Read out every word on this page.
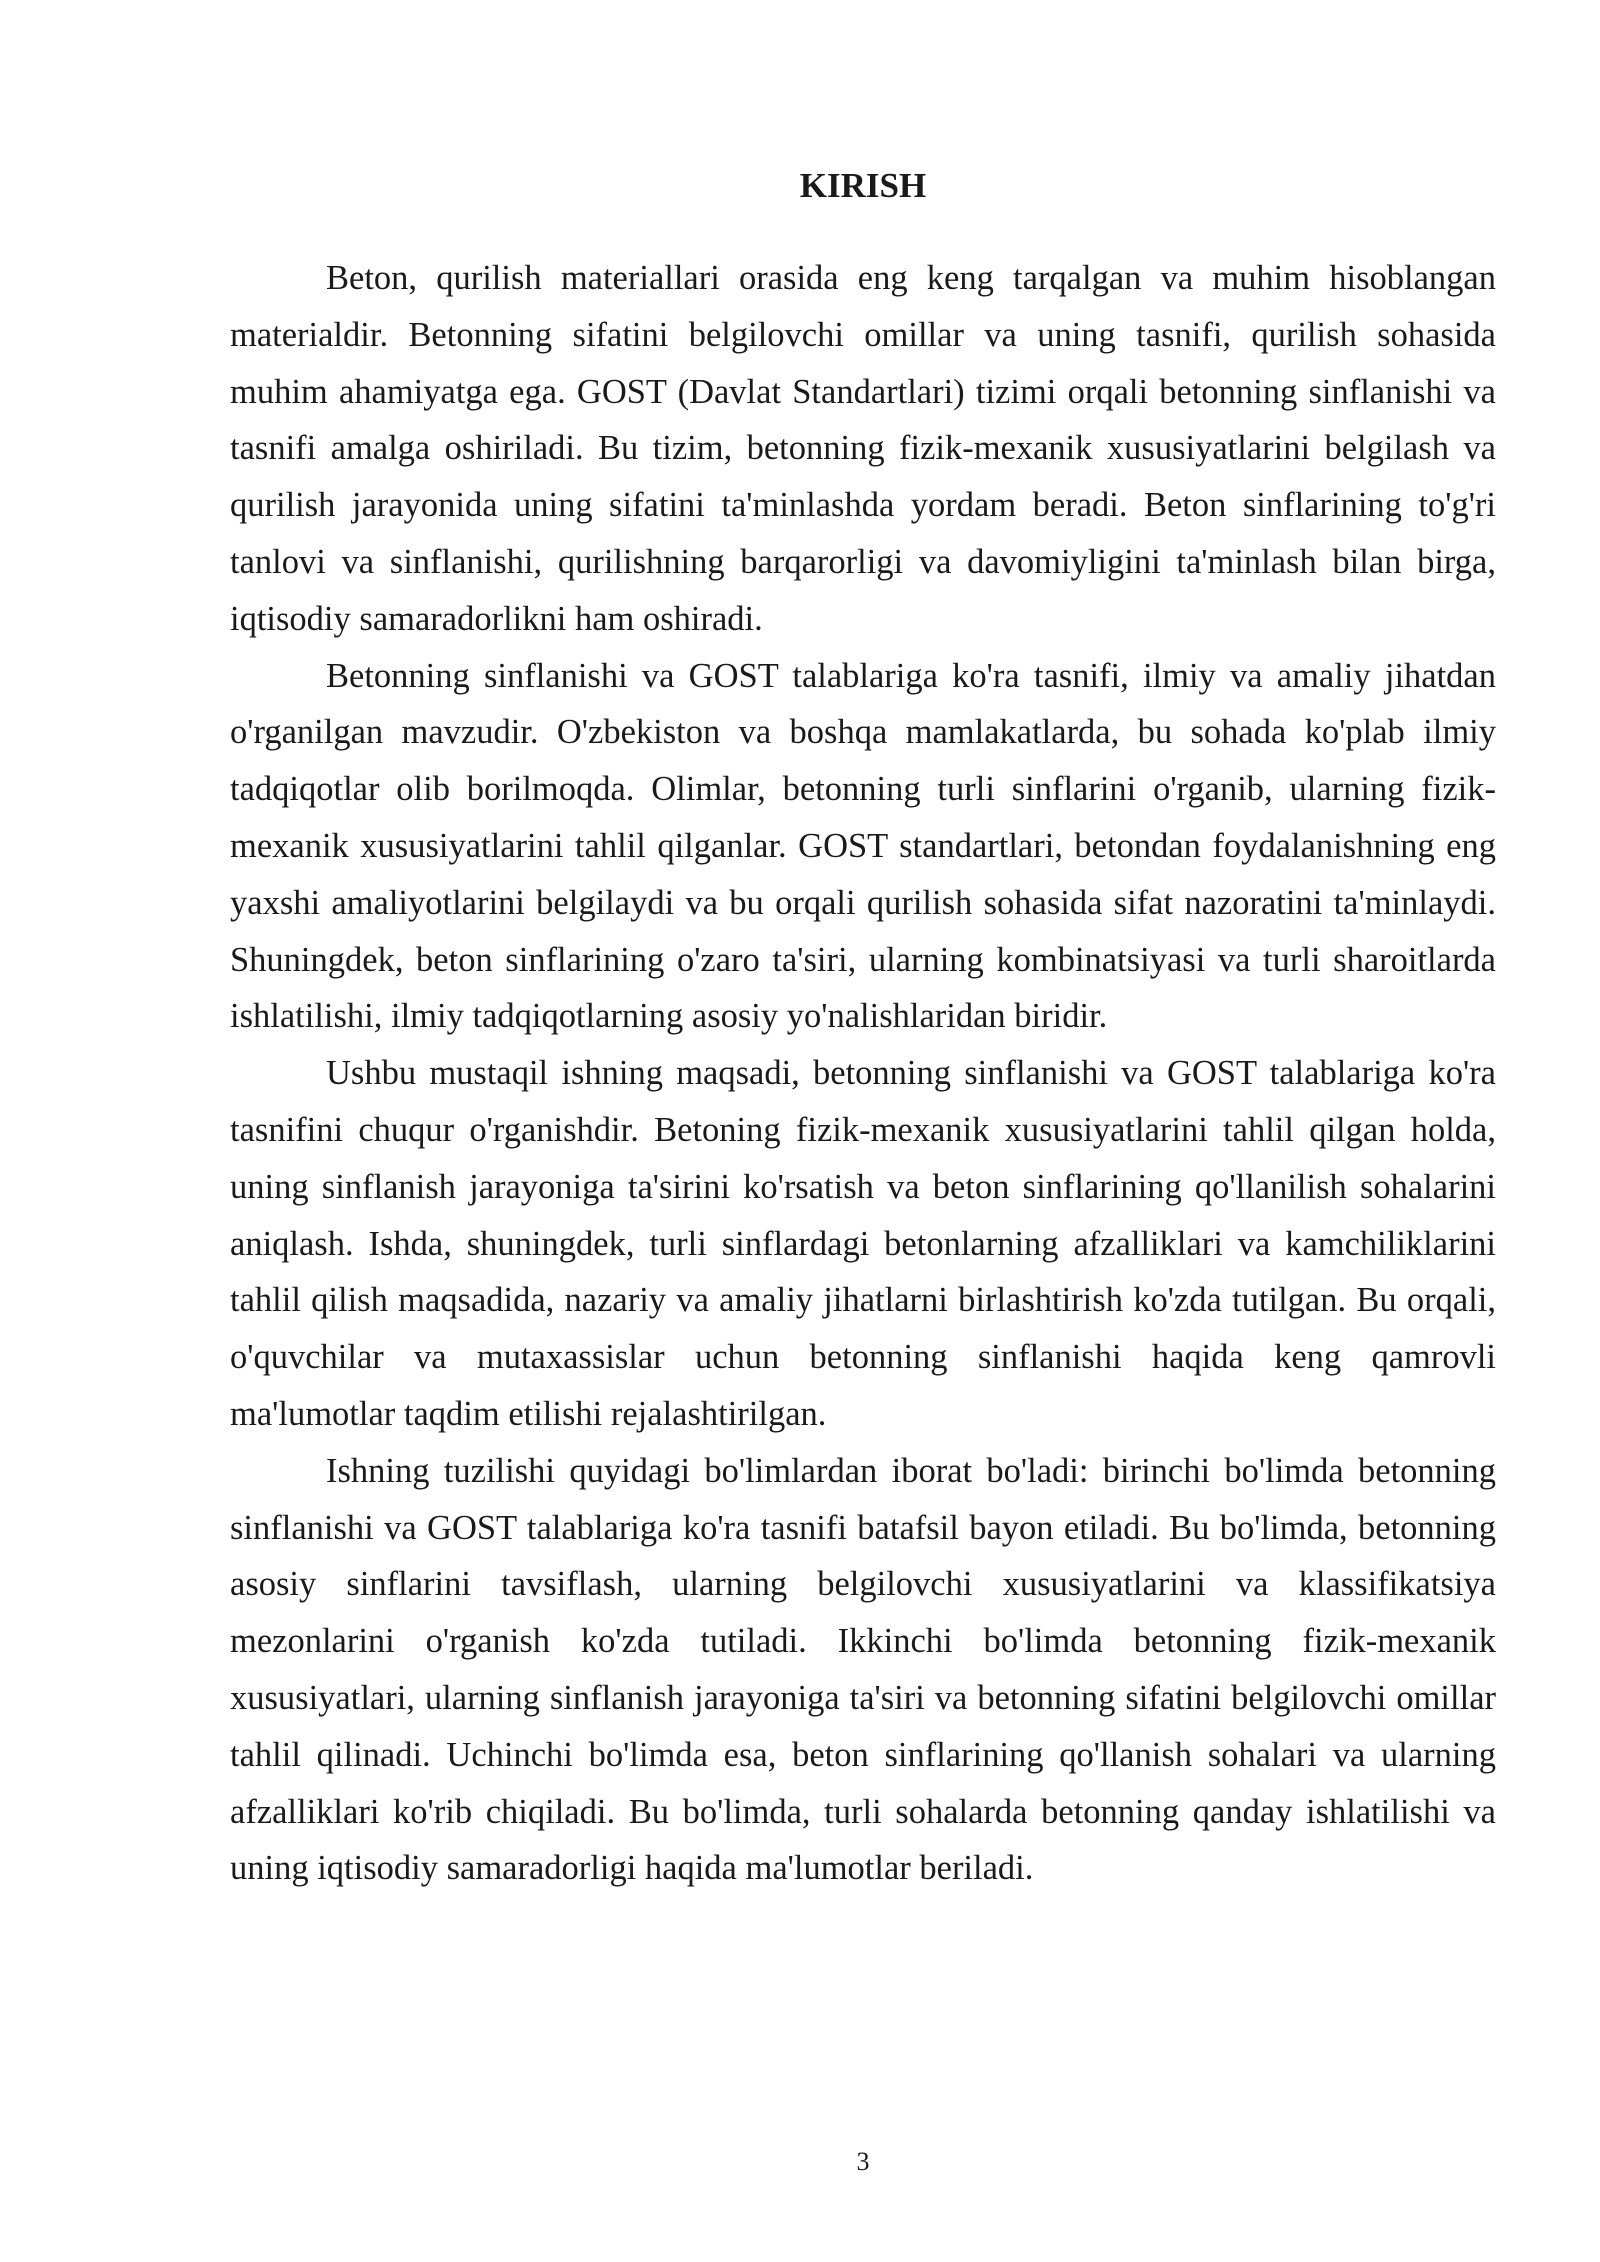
KIRISH

Beton, qurilish materiallari orasida eng keng tarqalgan va muhim hisoblangan materialdir. Betonning sifatini belgilovchi omillar va uning tasnifi, qurilish sohasida muhim ahamiyatga ega. GOST (Davlat Standartlari) tizimi orqali betonning sinflanishi va tasnifi amalga oshiriladi. Bu tizim, betonning fizik-mexanik xususiyatlarini belgilash va qurilish jarayonida uning sifatini ta'minlashda yordam beradi. Beton sinflarining to'g'ri tanlovi va sinflanishi, qurilishning barqarorligi va davomiyligini ta'minlash bilan birga, iqtisodiy samaradorlikni ham oshiradi.

Betonning sinflanishi va GOST talablariga ko'ra tasnifi, ilmiy va amaliy jihatdan o'rganilgan mavzudir. O'zbekiston va boshqa mamlakatlarda, bu sohada ko'plab ilmiy tadqiqotlar olib borilmoqda. Olimlar, betonning turli sinflarini o'rganib, ularning fizik-mexanik xususiyatlarini tahlil qilganlar. GOST standartlari, betondan foydalanishning eng yaxshi amaliyotlarini belgilaydi va bu orqali qurilish sohasida sifat nazoratini ta'minlaydi. Shuningdek, beton sinflarining o'zaro ta'siri, ularning kombinatsiyasi va turli sharoitlarda ishlatilishi, ilmiy tadqiqotlarning asosiy yo'nalishlaridan biridir.

Ushbu mustaqil ishning maqsadi, betonning sinflanishi va GOST talablariga ko'ra tasnifini chuqur o'rganishdir. Betoning fizik-mexanik xususiyatlarini tahlil qilgan holda, uning sinflanish jarayoniga ta'sirini ko'rsatish va beton sinflarining qo'llanilish sohalarini aniqlash. Ishda, shuningdek, turli sinflardagi betonlarning afzalliklari va kamchiliklarini tahlil qilish maqsadida, nazariy va amaliy jihatlarni birlashtirish ko'zda tutilgan. Bu orqali, o'quvchilar va mutaxassislar uchun betonning sinflanishi haqida keng qamrovli ma'lumotlar taqdim etilishi rejalashtirilgan.

Ishning tuzilishi quyidagi bo'limlardan iborat bo'ladi: birinchi bo'limda betonning sinflanishi va GOST talablariga ko'ra tasnifi batafsil bayon etiladi. Bu bo'limda, betonning asosiy sinflarini tavsiflash, ularning belgilovchi xususiyatlarini va klassifikatsiya mezonlarini o'rganish ko'zda tutiladi. Ikkinchi bo'limda betonning fizik-mexanik xususiyatlari, ularning sinflanish jarayoniga ta'siri va betonning sifatini belgilovchi omillar tahlil qilinadi. Uchinchi bo'limda esa, beton sinflarining qo'llanish sohalari va ularning afzalliklari ko'rib chiqiladi. Bu bo'limda, turli sohalarda betonning qanday ishlatilishi va uning iqtisodiy samaradorligi haqida ma'lumotlar beriladi.

3
